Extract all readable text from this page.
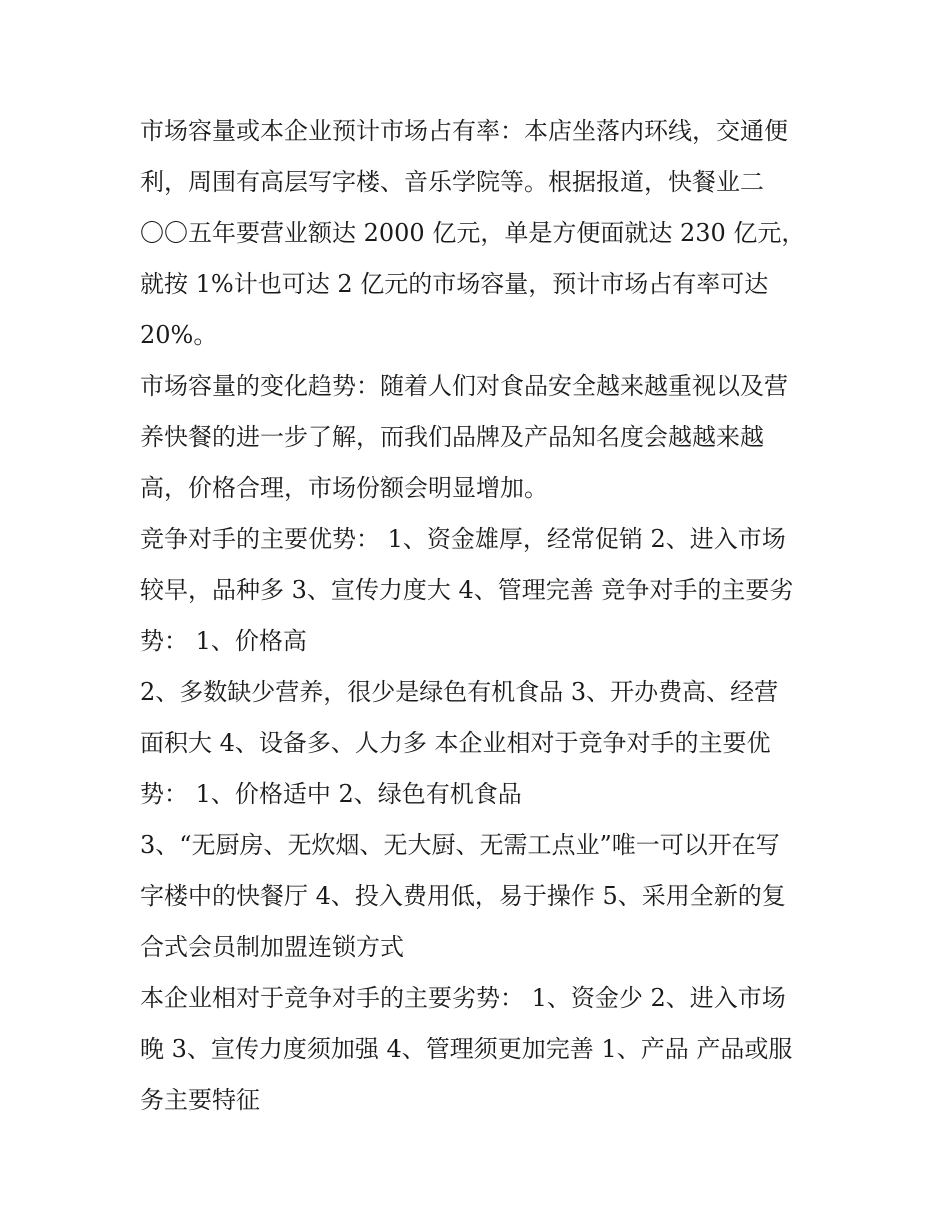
市场容量或本企业预计市场占有率：本店坐落内环线，交通便
利，周围有高层写字楼、音乐学院等。根据报道，快餐业二
〇〇五年要营业额达 2000 亿元，单是方便面就达 230 亿元，
就按 1%计也可达 2 亿元的市场容量，预计市场占有率可达
20%。

市场容量的变化趋势：随着人们对食品安全越来越重视以及营
养快餐的进一步了解，而我们品牌及产品知名度会越越来越
高，价格合理，市场份额会明显增加。

竞争对手的主要优势： 1、资金雄厚，经常促销 2、进入市场
较早，品种多 3、宣传力度大 4、管理完善 竞争对手的主要劣
势： 1、价格高

2、多数缺少营养，很少是绿色有机食品 3、开办费高、经营
面积大 4、设备多、人力多 本企业相对于竞争对手的主要优
势： 1、价格适中 2、绿色有机食品

3、“无厨房、无炊烟、无大厨、无需工点业”唯一可以开在写
字楼中的快餐厅 4、投入费用低，易于操作 5、采用全新的复
合式会员制加盟连锁方式

本企业相对于竞争对手的主要劣势： 1、资金少 2、进入市场
晚 3、宣传力度须加强 4、管理须更加完善 1、产品 产品或服
务主要特征
